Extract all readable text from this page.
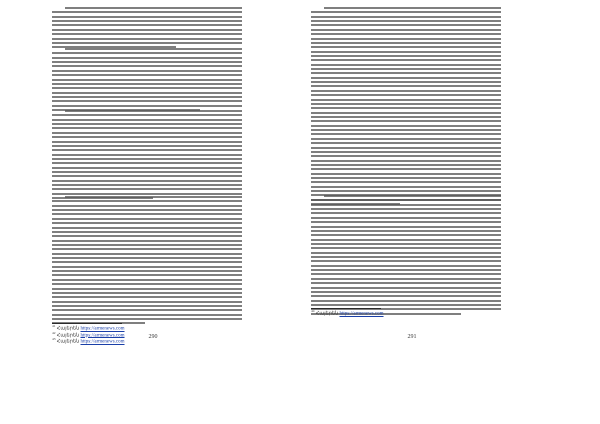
$^{41}$ Հայերեն https://armenews.com
$^{42}$ Հայերեն https://armenews.com
$^{43}$ Հայերեն https://armenews.com
290
$^{44}$ Հայերեն https://armenews.com
291
